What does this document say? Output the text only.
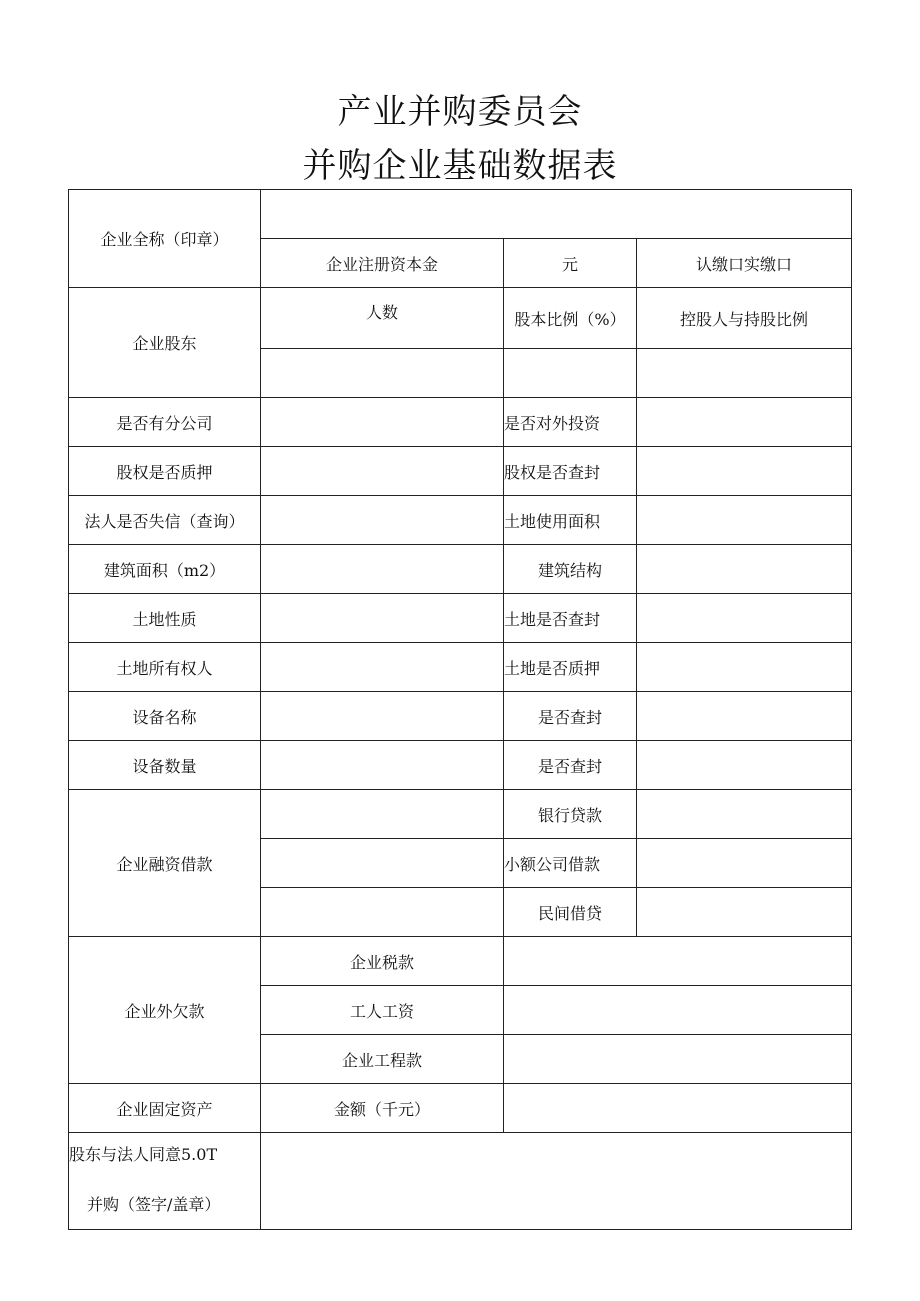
产业并购委员会
并购企业基础数据表
企业全称（印章）			
	企业注册资本金	元	认缴口实缴口
企业股东	人数	股本比例（%）	控股人与持股比例

是否有分公司		是否对外投资	
股权是否质押		股权是否查封	
法人是否失信（查询）		土地使用面积	
建筑面积（m2）		建筑结构	
土地性质		土地是否查封	
土地所有权人		土地是否质押	
设备名称		是否查封	
设备数量		是否查封	
企业融资借款		银行贷款	
		小额公司借款	
		民间借贷	
企业外欠款	企业税款		
	工人工资		
	企业工程款		
企业固定资产	金额（千元）		

股东与法人同意5.0T
并购（签字/盖章）			
